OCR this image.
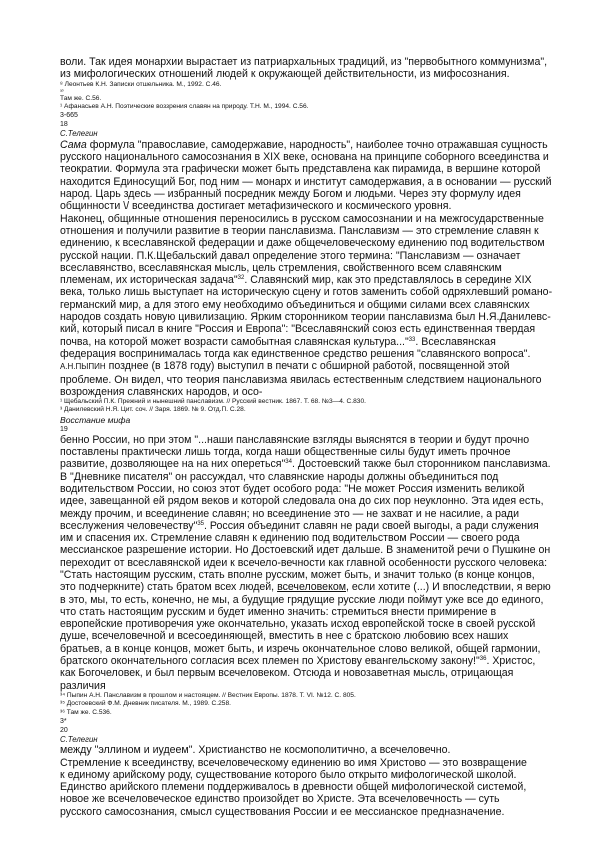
воли. Так идея монархии вырастает из патриархальных традиций, из "первобытного коммунизма",

из мифологических отношений людей к окружающей действительности, из мифосознания.

⁸ Леонтьев К.Н. Записки отшельника. М., 1992. С.46.

³⁰

Там же. С.56.

¹ Афанасьев А.Н. Поэтические воззрения славян на природу. Т.Н. М., 1994. С.56.

3-665

18

С.Телегин

Сама формула "православие, самодержавие, народность", наиболее точно отражавшая сущность

русского национального самосознания в XIX веке, основана на принципе соборного всеединства и

теократии. Формула эта графически может быть представлена как пирамида, в вершине которой

находится Единосущий Бог, под ним — монарх и институт самодержавия, а в основании — русский

народ. Царь здесь — избранный посредник между Богом и людьми. Через эту формулу идея

общинности \/ всеединства достигает метафизического и космического уровня.

Наконец, общинные отношения переносились в русском самосознании и на межгосударственные

отношения и получили развитие в теории панславизма. Панславизм — это стремление славян к

единению, к всеславянской федерации и даже общечеловеческому единению под водительством

русской нации. П.К.Щебальский давал определение этого термина: "Панславизм — означает

всеславянство, всеславянская мысль, цель стремления, свойственного всем славянским

племенам, их историческая задача"$^{32}$. Славянский мир, как это представлялось в середине XIX

века, только лишь выступает на историческую сцену и готов заменить собой одряхлевший романо-

германский мир, а для этого ему необходимо объединиться и общими силами всех славянских

народов создать новую цивилизацию. Ярким сторонником теории панславизма был Н.Я.Данилевс-

кий, который писал в книге "Россия и Европа": "Всеславянский союз есть единственная твердая

почва, на которой может возрасти самобытная славянская культура..."$^{33}$. Всеславянская

федерация воспринималась тогда как единственное средство решения "славянского вопроса".

А.Н.ПЫПИН позднее (в 1878 году) выступил в печати с обширной работой, посвященной этой

проблеме. Он видел, что теория панславизма явилась естественным следствием национального

возрождения славянских народов, и осо-

¹ Щебальский П.К. Прежний и нынешний панславизм. // Русский вестник. 1867. Т. 68. №3—4. С.830.

³ Данилевский Н.Я. Цит. соч. // Заря. 1869. № 9. Отд.П. С.28.

Восстание мифа

19

бенно России, но при этом "...наши панславянские взгляды выяснятся в теории и будут прочно

поставлены практически лишь тогда, когда наши общественные силы будут иметь прочное

развитие, дозволяющее на на них опереться"$^{34}$. Достоевский также был сторонником панславизма.

В "Дневнике писателя" он рассуждал, что славянские народы должны объединиться под

водительством России, но союз этот будет особого рода: "Не может Россия изменить великой

идее, завещанной ей рядом веков и которой следовала она до сих пор неуклонно. Эта идея есть,

между прочим, и всеединение славян; но всеединение это — не захват и не насилие, а ради

всеслужения человечеству"$^{35}$. Россия объединит славян не ради своей выгоды, а ради служения

им и спасения их. Стремление славян к единению под водительством России — своего рода

мессианское разрешение истории. Но Достоевский идет дальше. В знаменитой речи о Пушкине он

переходит от всеславянской идеи к всечело-вечности как главной особенности русского человека:

"Стать настоящим русским, стать вполне русским, может быть, и значит только (в конце концов,

это подчеркните) стать братом всех людей, всечеловеком, если хотите (...) И впоследствии, я верю

в это, мы, то есть, конечно, не мы, а будущие грядущие русские люди поймут уже все до единого,

что стать настоящим русским и будет именно значить: стремиться внести примирение в

европейские противоречия уже окончательно, указать исход европейской тоске в своей русской

душе, всечеловечной и всесоединяющей, вместить в нее с братскою любовию всех наших

братьев, а в конце концов, может быть, и изречь окончательное слово великой, общей гармонии,

братского окончательного согласия всех племен по Христову евангельскому закону!"$^{36}$. Христос,

как Богочеловек, и был первым всечеловеком. Отсюда и новозаветная мысль, отрицающая

различия

³⁴ Пыпин А.Н. Панславизм в прошлом и настоящем. // Вестник Европы. 1878. Т. VI. №12. С. 805.

³⁵ Достоевский Ф.М. Дневник писателя. М., 1989. С.258.

³⁶ Там же. С.536.

3*

20

С.Телегин

между "эллином и иудеем". Христианство не космополитично, а всечеловечно.

Стремление к всеединству, всечеловеческому единению во имя Христово — это возвращение

к единому арийскому роду, существование которого было открыто мифологической школой.

Единство арийского племени поддерживалось в древности общей мифологической системой,

новое же всечеловеческое единство произойдет во Христе. Эта всечеловечность — суть

русского самосознания, смысл существования России и ее мессианское предназначение.
